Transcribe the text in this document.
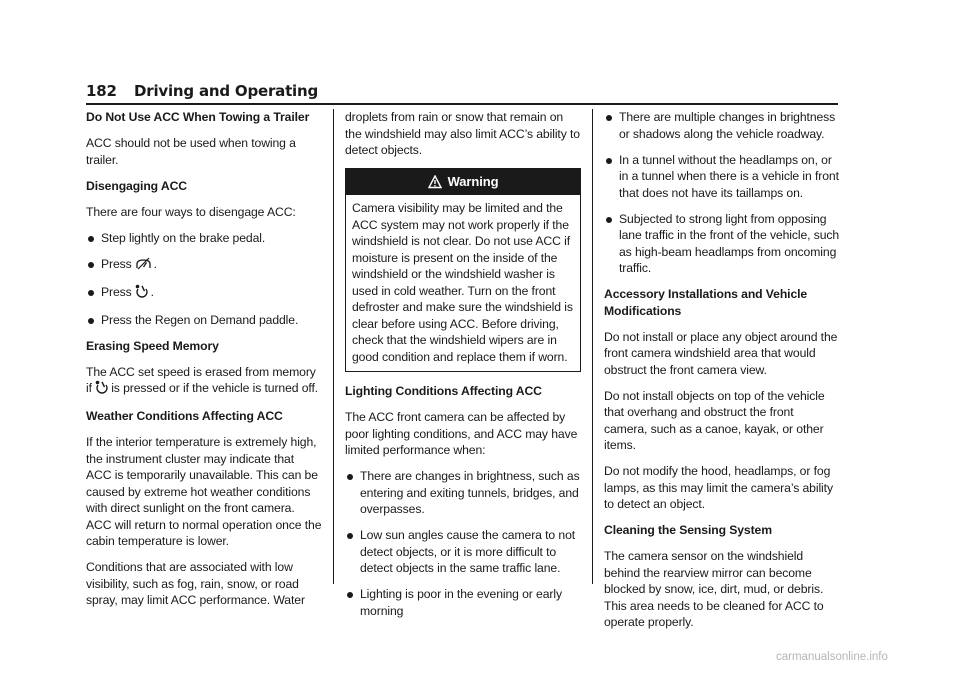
182 Driving and Operating
Do Not Use ACC When Towing a Trailer

ACC should not be used when towing a trailer.

Disengaging ACC

There are four ways to disengage ACC:

Step lightly on the brake pedal.
Press .
Press .
Press the Regen on Demand paddle.
Erasing Speed Memory

The ACC set speed is erased from memory if is pressed or if the vehicle is turned off.

Weather Conditions Affecting ACC

If the interior temperature is extremely high, the instrument cluster may indicate that ACC is temporarily unavailable. This can be caused by extreme hot weather conditions with direct sunlight on the front camera. ACC will return to normal operation once the cabin temperature is lower.

Conditions that are associated with low visibility, such as fog, rain, snow, or road spray, may limit ACC performance. Water

droplets from rain or snow that remain on the windshield may also limit ACC’s ability to detect objects.

Warning
Camera visibility may be limited and the ACC system may not work properly if the windshield is not clear. Do not use ACC if moisture is present on the inside of the windshield or the windshield washer is used in cold weather. Turn on the front defroster and make sure the windshield is clear before using ACC. Before driving, check that the windshield wipers are in good condition and replace them if worn.
Lighting Conditions Affecting ACC

The ACC front camera can be affected by poor lighting conditions, and ACC may have limited performance when:

There are changes in brightness, such as entering and exiting tunnels, bridges, and overpasses.
Low sun angles cause the camera to not detect objects, or it is more difficult to detect objects in the same traffic lane.
Lighting is poor in the evening or early morning
There are multiple changes in brightness or shadows along the vehicle roadway.
In a tunnel without the headlamps on, or in a tunnel when there is a vehicle in front that does not have its taillamps on.
Subjected to strong light from opposing lane traffic in the front of the vehicle, such as high-beam headlamps from oncoming traffic.
Accessory Installations and Vehicle Modifications

Do not install or place any object around the front camera windshield area that would obstruct the front camera view.

Do not install objects on top of the vehicle that overhang and obstruct the front camera, such as a canoe, kayak, or other items.

Do not modify the hood, headlamps, or fog lamps, as this may limit the camera’s ability to detect an object.

Cleaning the Sensing System

The camera sensor on the windshield behind the rearview mirror can become blocked by snow, ice, dirt, mud, or debris. This area needs to be cleaned for ACC to operate properly.

carmanualsonline.info
